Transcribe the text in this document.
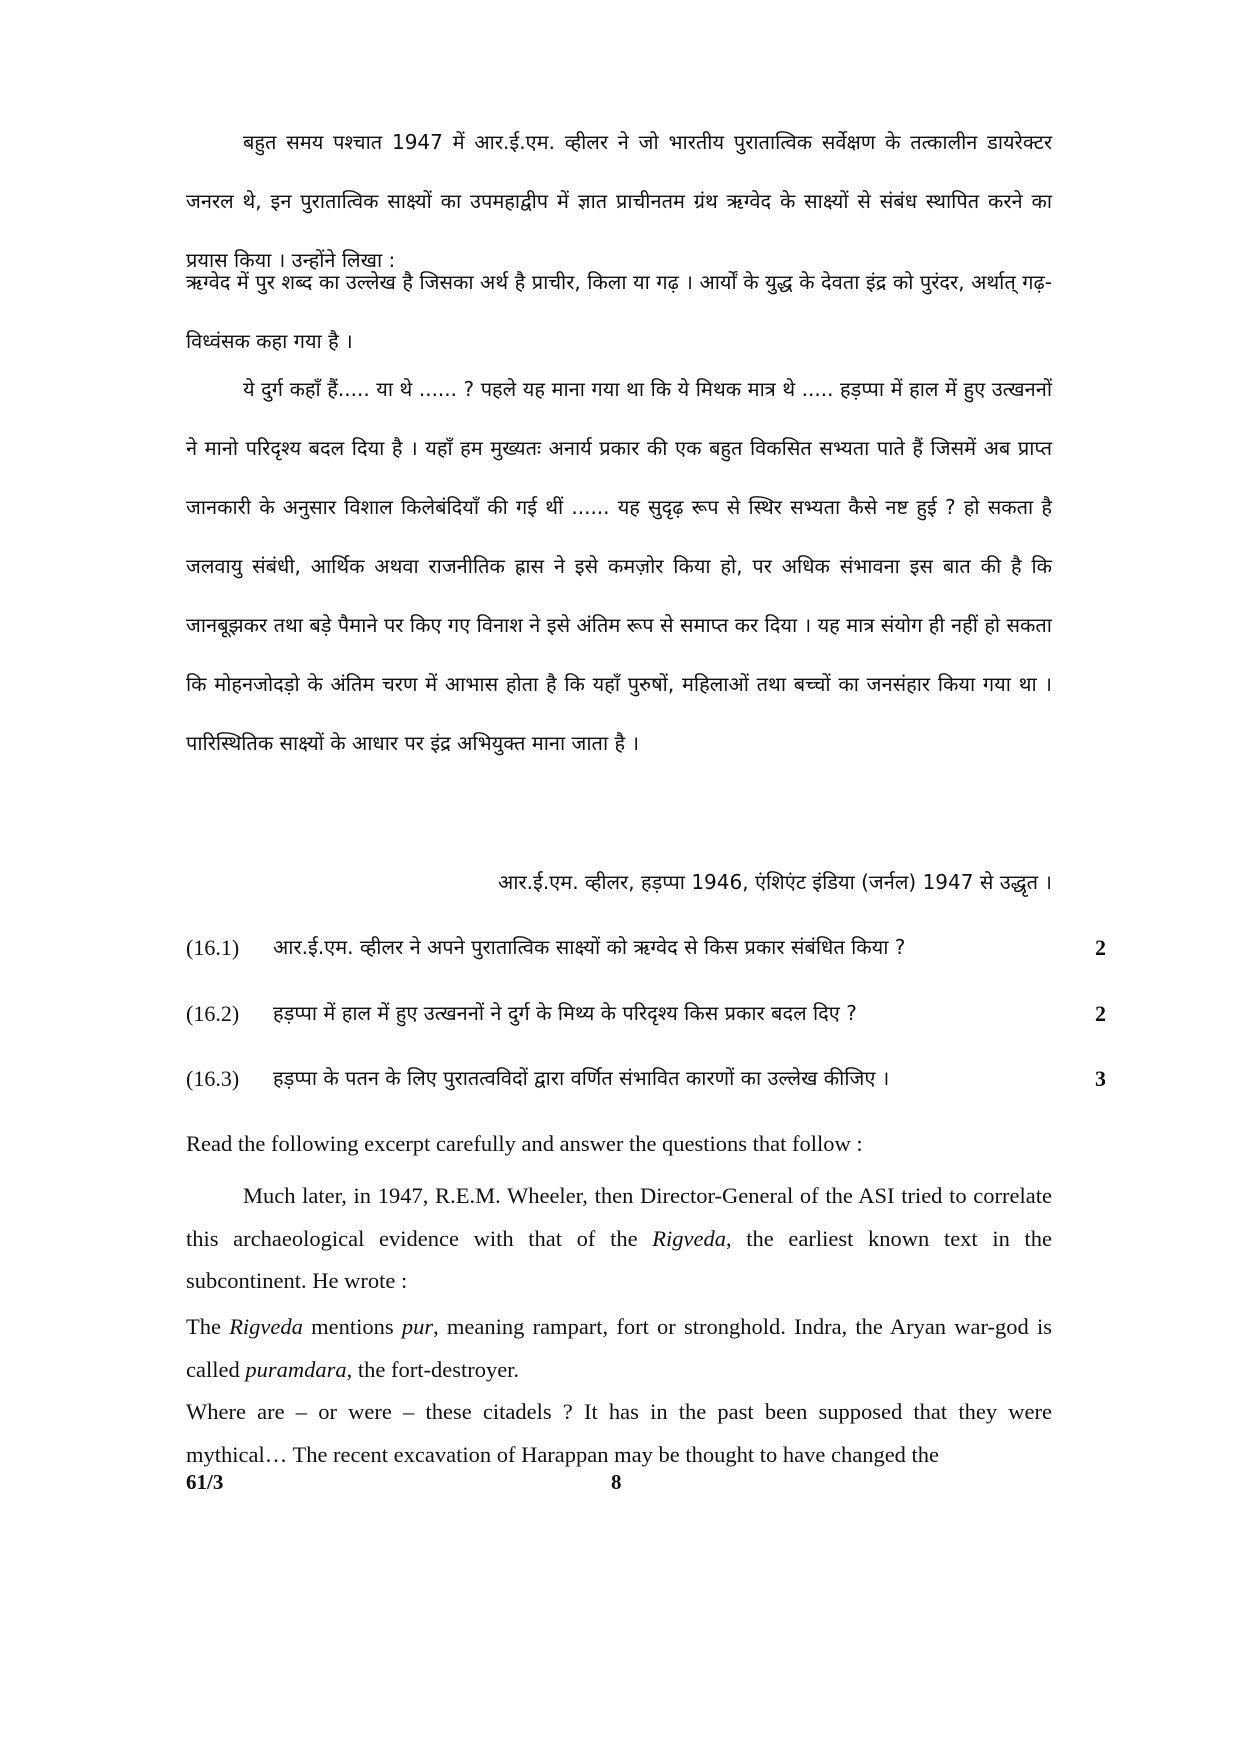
बहुत समय पश्चात 1947 में आर.ई.एम. व्हीलर ने जो भारतीय पुरातात्विक सर्वेक्षण के तत्कालीन डायरेक्टर जनरल थे, इन पुरातात्विक साक्ष्यों का उपमहाद्वीप में ज्ञात प्राचीनतम ग्रंथ ऋग्वेद के साक्ष्यों से संबंध स्थापित करने का प्रयास किया । उन्होंने लिखा :

ऋग्वेद में पुर शब्द का उल्लेख है जिसका अर्थ है प्राचीर, किला या गढ़ । आर्यों के युद्ध के देवता इंद्र को पुरंदर, अर्थात् गढ़-विध्वंसक कहा गया है ।

ये दुर्ग कहाँ हैं..... या थे ...... ? पहले यह माना गया था कि ये मिथक मात्र थे ..... हड़प्पा में हाल में हुए उत्खननों ने मानो परिदृश्य बदल दिया है । यहाँ हम मुख्यतः अनार्य प्रकार की एक बहुत विकसित सभ्यता पाते हैं जिसमें अब प्राप्त जानकारी के अनुसार विशाल किलेबंदियाँ की गई थीं ...... यह सुदृढ़ रूप से स्थिर सभ्यता कैसे नष्ट हुई ? हो सकता है जलवायु संबंधी, आर्थिक अथवा राजनीतिक ह्रास ने इसे कमज़ोर किया हो, पर अधिक संभावना इस बात की है कि जानबूझकर तथा बड़े पैमाने पर किए गए विनाश ने इसे अंतिम रूप से समाप्त कर दिया । यह मात्र संयोग ही नहीं हो सकता कि मोहनजोदड़ो के अंतिम चरण में आभास होता है कि यहाँ पुरुषों, महिलाओं तथा बच्चों का जनसंहार किया गया था । पारिस्थितिक साक्ष्यों के आधार पर इंद्र अभियुक्त माना जाता है ।

आर.ई.एम. व्हीलर, हड़प्पा 1946, एंशिएंट इंडिया (जर्नल) 1947 से उद्धृत ।

(16.1) आर.ई.एम. व्हीलर ने अपने पुरातात्विक साक्ष्यों को ऋग्वेद से किस प्रकार संबंधित किया ?	2
(16.2) हड़प्पा में हाल में हुए उत्खननों ने दुर्ग के मिथ्य के परिदृश्य किस प्रकार बदल दिए ?	2
(16.3) हड़प्पा के पतन के लिए पुरातत्वविदों द्वारा वर्णित संभावित कारणों का उल्लेख कीजिए ।	3

Read the following excerpt carefully and answer the questions that follow :

Much later, in 1947, R.E.M. Wheeler, then Director-General of the ASI tried to correlate this archaeological evidence with that of the Rigveda, the earliest known text in the subcontinent. He wrote :

The Rigveda mentions pur, meaning rampart, fort or stronghold. Indra, the Aryan war-god is called puramdara, the fort-destroyer.

Where are – or were – these citadels ? It has in the past been supposed that they were mythical… The recent excavation of Harappan may be thought to have changed the

61/3	8
